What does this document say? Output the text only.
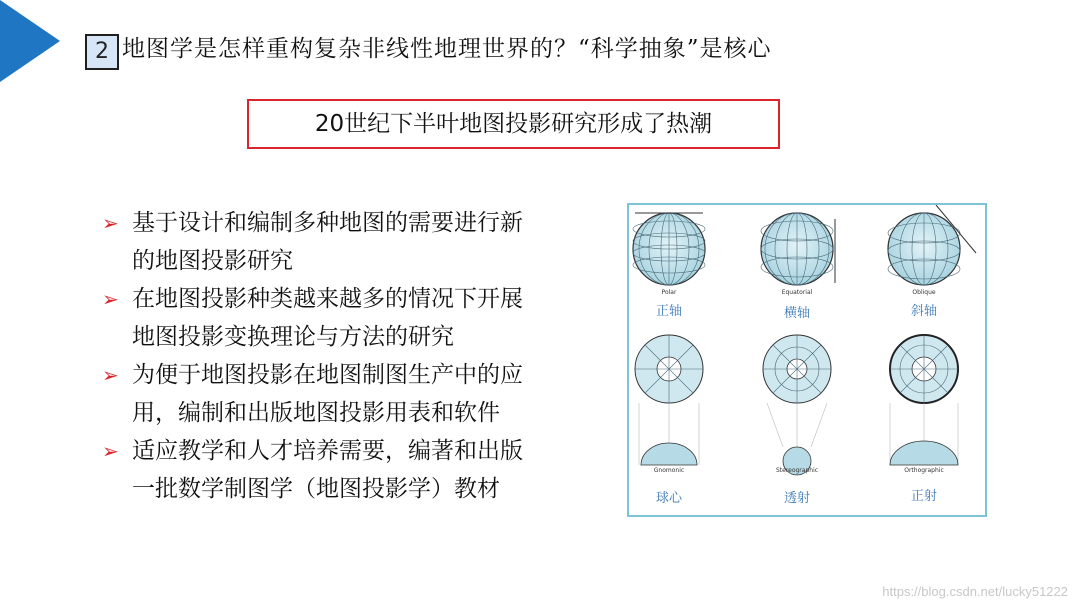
2 地图学是怎样重构复杂非线性地理世界的？“科学抽象”是核心
20世纪下半叶地图投影研究形成了热潮
➢ 基于设计和编制多种地图的需要进行新
的地图投影研究
➢ 在地图投影种类越来越多的情况下开展
地图投影变换理论与方法的研究
➢ 为便于地图投影在地图制图生产中的应
用，编制和出版地图投影用表和软件
➢ 适应教学和人才培养需要，编著和出版
一批数学制图学（地图投影学）教材
Polar	Equatorial	Oblique
正轴	横轴	斜轴
Gnomonic	Stereographic	Orthographic
球心	透射	正射
https://blog.csdn.net/lucky51222
